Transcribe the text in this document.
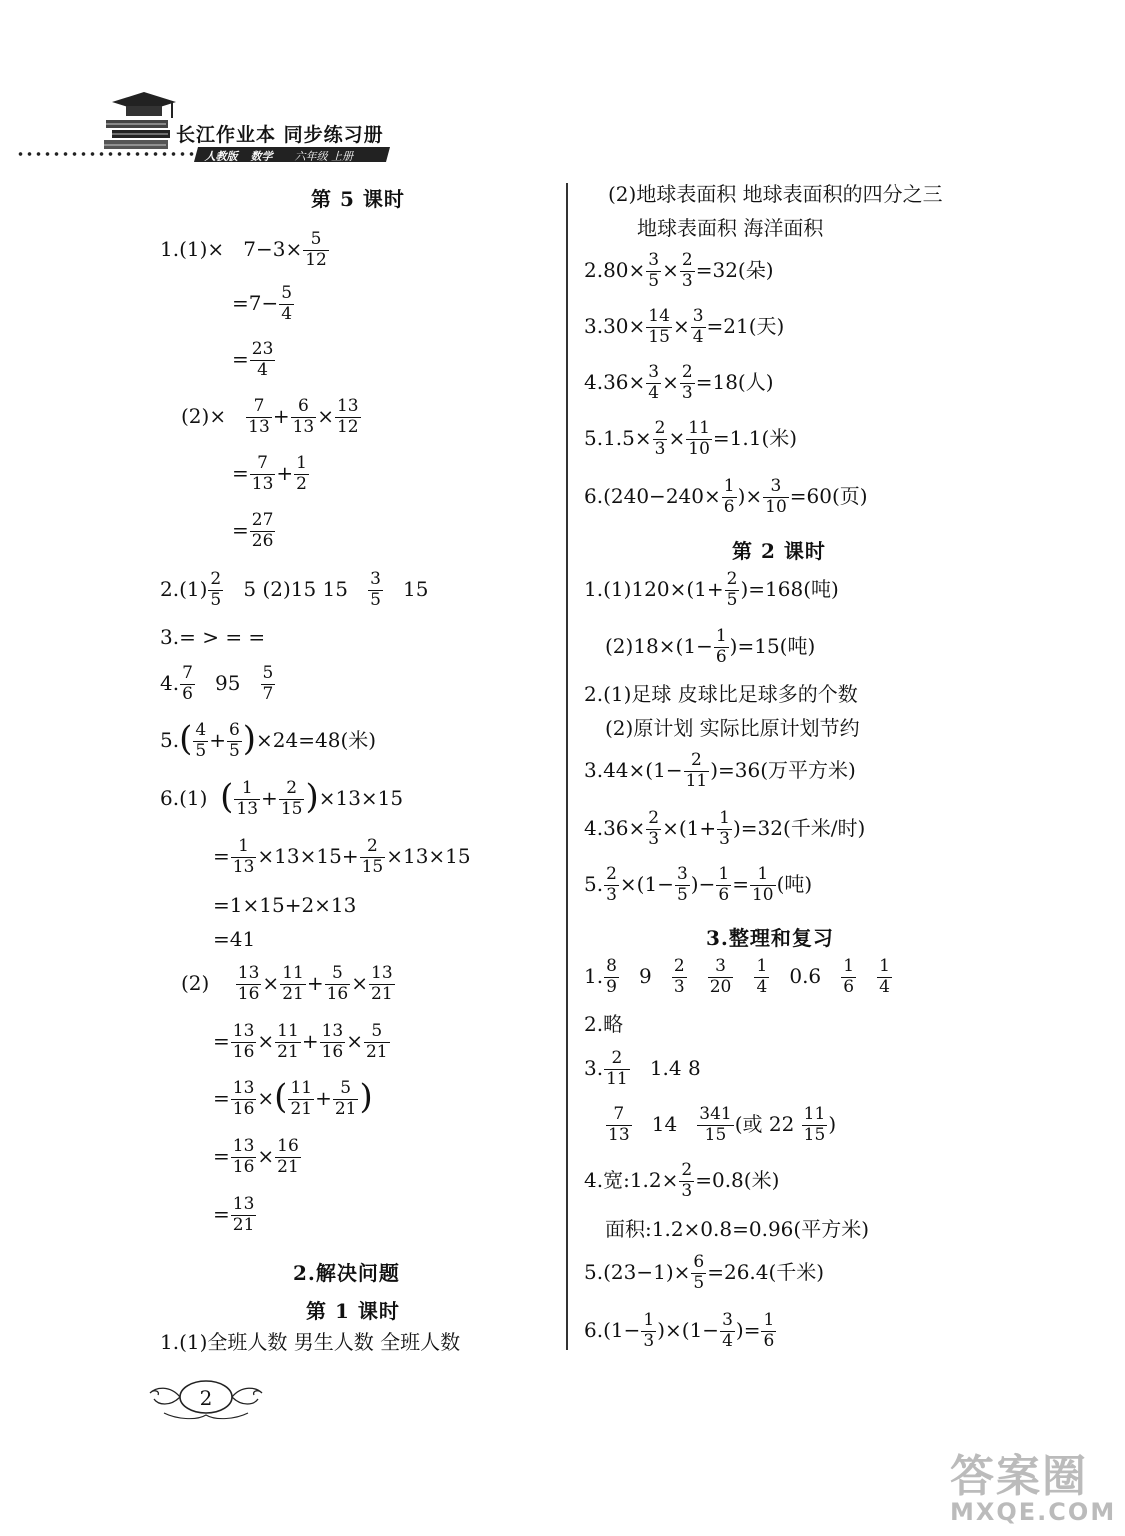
长江作业本 同步练习册
人教版 数学 六年级 上册
第 5 课时
$1.(1)\times 7-3\times \frac{5}{12}$
$=7- \frac{5}{4}$
= $\frac{23}{4}$
$(2)\times \frac{7}{13} + \frac{6}{13} \times \frac{13}{12}$
= $\frac{7}{13} + \frac{1}{2}$
= $\frac{27}{26}$
$2.(1) \frac{2}{5} 5$ (2)15 $15 \frac{3}{5} 15$
3.= > = =
4. $\frac{7}{6} 95 \frac{5}{7}$
$5.( \frac{4}{5} + \frac{6}{5} )\times 24=48$(米)
6.(1) ( $\frac{1}{13} + \frac{2}{15} )\times 13\times 15$
= $\frac{1}{13} \times 13\times 15+ \frac{2}{15} \times 13\times 15$
=1×15+2×13
=41
$(2) \frac{13}{16} \times \frac{11}{21} + \frac{5}{16} \times \frac{13}{21}$
= $\frac{13}{16} \times \frac{11}{21} + \frac{13}{16} \times \frac{5}{21}$
= $\frac{13}{16}$ ×( $\frac{11}{21} + \frac{5}{21}$ )
= $\frac{13}{16} \times \frac{16}{21}$
= $\frac{13}{21}$
2.解决问题
第 1 课时
1.(1)全班人数 男生人数 全班人数
(2)地球表面积 地球表面积的四分之三
地球表面积 海洋面积
$2.80\times \frac{3}{5} \times \frac{2}{3} =32$(朵)
$3.30\times \frac{14}{15} \times \frac{3}{4} =21$(天)
$4.36\times \frac{3}{4} \times \frac{2}{3} =18$(人)
$5.1.5\times \frac{2}{3} \times \frac{11}{10} =1.1$(米)
$6.(240-240\times \frac{1}{6}$ )× $\frac{3}{10} =60$(页)
第 2 课时
$1.(1)120\times(1+ \frac{2}{5} )=168$(吨)
$(2)18\times(1- \frac{1}{6} )=15$(吨)
2.(1)足球 皮球比足球多的个数
(2)原计划 实际比原计划节约
$3.44\times(1- \frac{2}{11} )=36$(万平方米)
$4.36\times \frac{2}{3} \times(1+ \frac{1}{3} )=32$(千米/时)
5. $\frac{2}{3} \times(1- \frac{3}{5}$ )− $\frac{1}{6} = \frac{1}{10}$ (吨)
3.整理和复习
1. $\frac{8}{9} 9 \frac{2}{3}$
$\frac{3}{20}$
$\frac{1}{4} 0.6 \frac{1}{6}$
$\frac{1}{4}$
2.略
3. $\frac{2}{11} 1.4$ 8
$\frac{7}{13} 14 \frac{341}{15}$ (或 $22 \frac{11}{15}$ )
4.宽:1.2× $\frac{2}{3} =0.8$(米)
面积:1.2×0.8=0.96(平方米)
$5.(23-1)\times \frac{6}{5} =26.4$(千米)
$6.(1- \frac{1}{3} )\times(1- \frac{3}{4}$ )= $\frac{1}{6}$
2
答案圈
MXQE.COM
